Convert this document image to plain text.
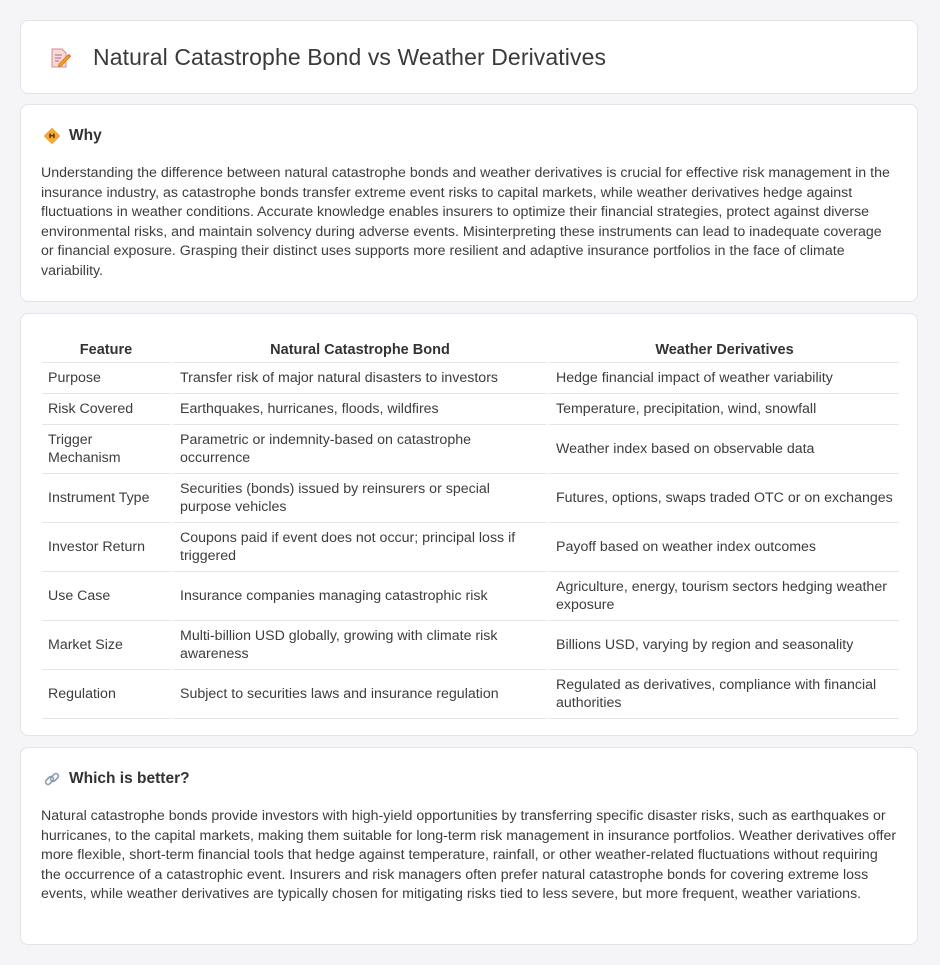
Natural Catastrophe Bond vs Weather Derivatives
Why

Understanding the difference between natural catastrophe bonds and weather derivatives is crucial for effective risk management in the insurance industry, as catastrophe bonds transfer extreme event risks to capital markets, while weather derivatives hedge against fluctuations in weather conditions. Accurate knowledge enables insurers to optimize their financial strategies, protect against diverse environmental risks, and maintain solvency during adverse events. Misinterpreting these instruments can lead to inadequate coverage or financial exposure. Grasping their distinct uses supports more resilient and adaptive insurance portfolios in the face of climate variability.

Feature	Natural Catastrophe Bond	Weather Derivatives
Purpose	Transfer risk of major natural disasters to investors	Hedge financial impact of weather variability
Risk Covered	Earthquakes, hurricanes, floods, wildfires	Temperature, precipitation, wind, snowfall
Trigger Mechanism	Parametric or indemnity-based on catastrophe occurrence	Weather index based on observable data
Instrument Type	Securities (bonds) issued by reinsurers or special purpose vehicles	Futures, options, swaps traded OTC or on exchanges
Investor Return	Coupons paid if event does not occur; principal loss if triggered	Payoff based on weather index outcomes
Use Case	Insurance companies managing catastrophic risk	Agriculture, energy, tourism sectors hedging weather exposure
Market Size	Multi-billion USD globally, growing with climate risk awareness	Billions USD, varying by region and seasonality
Regulation	Subject to securities laws and insurance regulation	Regulated as derivatives, compliance with financial authorities
Which is better?

Natural catastrophe bonds provide investors with high-yield opportunities by transferring specific disaster risks, such as earthquakes or hurricanes, to the capital markets, making them suitable for long-term risk management in insurance portfolios. Weather derivatives offer more flexible, short-term financial tools that hedge against temperature, rainfall, or other weather-related fluctuations without requiring the occurrence of a catastrophic event. Insurers and risk managers often prefer natural catastrophe bonds for covering extreme loss events, while weather derivatives are typically chosen for mitigating risks tied to less severe, but more frequent, weather variations.
